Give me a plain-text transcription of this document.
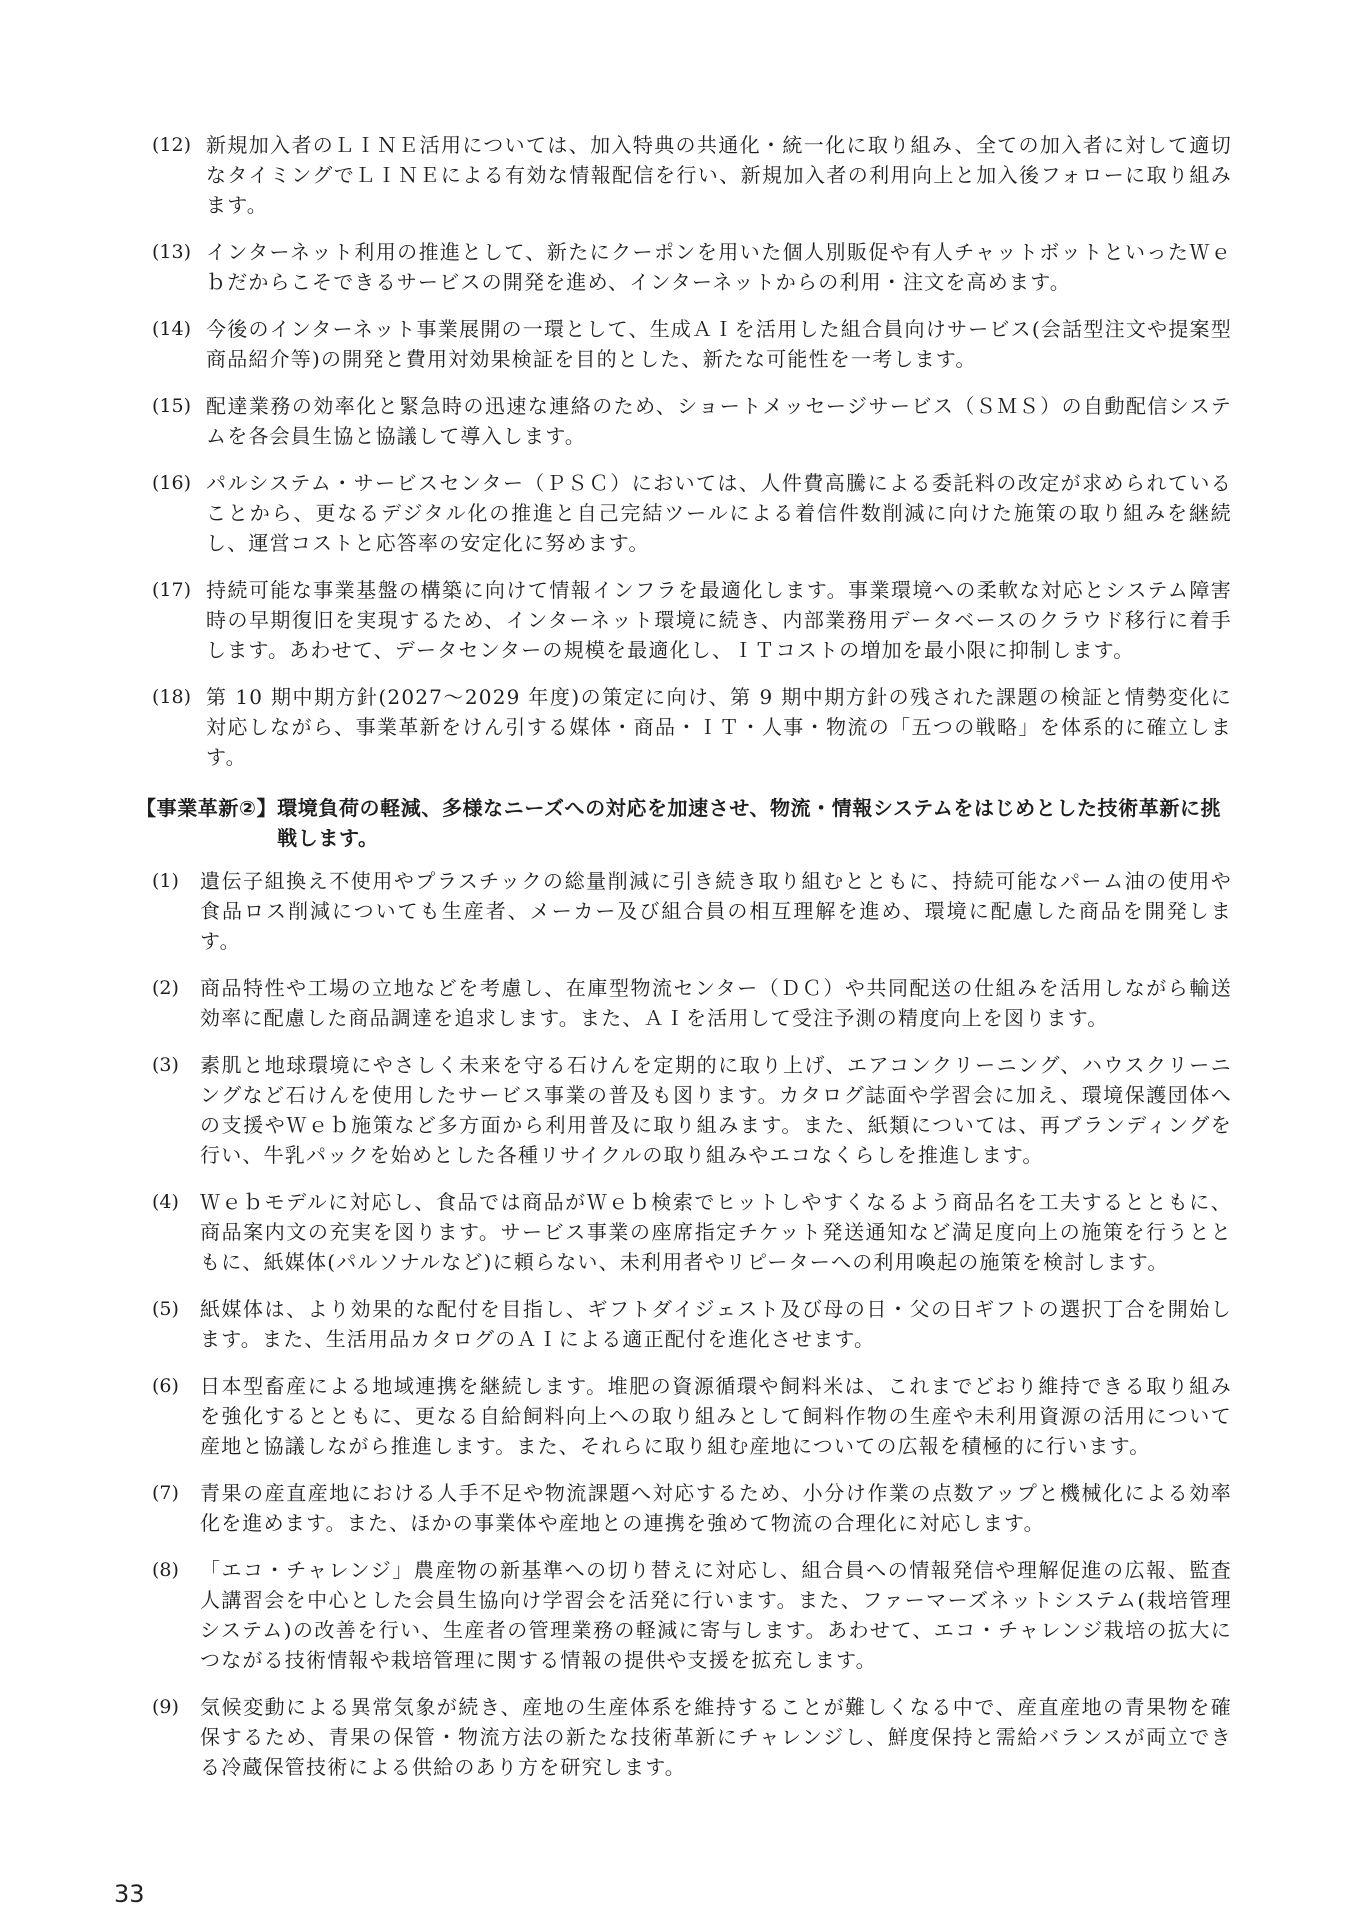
(12) 新規加入者のＬＩＮＥ活用については、加入特典の共通化・統一化に取り組み、全ての加入者に対して適切なタイミングでＬＩＮＥによる有効な情報配信を行い、新規加入者の利用向上と加入後フォローに取り組みます。
(13) インターネット利用の推進として、新たにクーポンを用いた個人別販促や有人チャットボットといったＷｅｂだからこそできるサービスの開発を進め、インターネットからの利用・注文を高めます。
(14) 今後のインターネット事業展開の一環として、生成ＡＩを活用した組合員向けサービス(会話型注文や提案型商品紹介等)の開発と費用対効果検証を目的とした、新たな可能性を一考します。
(15) 配達業務の効率化と緊急時の迅速な連絡のため、ショートメッセージサービス（ＳＭＳ）の自動配信システムを各会員生協と協議して導入します。
(16) パルシステム・サービスセンター（ＰＳＣ）においては、人件費高騰による委託料の改定が求められていることから、更なるデジタル化の推進と自己完結ツールによる着信件数削減に向けた施策の取り組みを継続し、運営コストと応答率の安定化に努めます。
(17) 持続可能な事業基盤の構築に向けて情報インフラを最適化します。事業環境への柔軟な対応とシステム障害時の早期復旧を実現するため、インターネット環境に続き、内部業務用データベースのクラウド移行に着手します。あわせて、データセンターの規模を最適化し、ＩＴコストの増加を最小限に抑制します。
(18) 第 10 期中期方針(2027〜2029 年度)の策定に向け、第 9 期中期方針の残された課題の検証と情勢変化に対応しながら、事業革新をけん引する媒体・商品・ＩＴ・人事・物流の「五つの戦略」を体系的に確立します。
【事業革新②】 環境負荷の軽減、多様なニーズへの対応を加速させ、物流・情報システムをはじめとした技術革新に挑戦します。
(1)	遺伝子組換え不使用やプラスチックの総量削減に引き続き取り組むとともに、持続可能なパーム油の使用や食品ロス削減についても生産者、メーカー及び組合員の相互理解を進め、環境に配慮した商品を開発します。
(2)	商品特性や工場の立地などを考慮し、在庫型物流センター（ＤＣ）や共同配送の仕組みを活用しながら輸送効率に配慮した商品調達を追求します。また、ＡＩを活用して受注予測の精度向上を図ります。
(3)	素肌と地球環境にやさしく未来を守る石けんを定期的に取り上げ、エアコンクリーニング、ハウスクリーニングなど石けんを使用したサービス事業の普及も図ります。カタログ誌面や学習会に加え、環境保護団体への支援やＷｅｂ施策など多方面から利用普及に取り組みます。また、紙類については、再ブランディングを行い、牛乳パックを始めとした各種リサイクルの取り組みやエコなくらしを推進します。
(4)	Ｗｅｂモデルに対応し、食品では商品がＷｅｂ検索でヒットしやすくなるよう商品名を工夫するとともに、商品案内文の充実を図ります。サービス事業の座席指定チケット発送通知など満足度向上の施策を行うとともに、紙媒体(パルソナルなど)に頼らない、未利用者やリピーターへの利用喚起の施策を検討します。
(5)	紙媒体は、より効果的な配付を目指し、ギフトダイジェスト及び母の日・父の日ギフトの選択丁合を開始します。また、生活用品カタログのＡＩによる適正配付を進化させます。
(6)	日本型畜産による地域連携を継続します。堆肥の資源循環や飼料米は、これまでどおり維持できる取り組みを強化するとともに、更なる自給飼料向上への取り組みとして飼料作物の生産や未利用資源の活用について産地と協議しながら推進します。また、それらに取り組む産地についての広報を積極的に行います。
(7)	青果の産直産地における人手不足や物流課題へ対応するため、小分け作業の点数アップと機械化による効率化を進めます。また、ほかの事業体や産地との連携を強めて物流の合理化に対応します。
(8)	「エコ・チャレンジ」農産物の新基準への切り替えに対応し、組合員への情報発信や理解促進の広報、監査人講習会を中心とした会員生協向け学習会を活発に行います。また、ファーマーズネットシステム(栽培管理システム)の改善を行い、生産者の管理業務の軽減に寄与します。あわせて、エコ・チャレンジ栽培の拡大につながる技術情報や栽培管理に関する情報の提供や支援を拡充します。
(9)	気候変動による異常気象が続き、産地の生産体系を維持することが難しくなる中で、産直産地の青果物を確保するため、青果の保管・物流方法の新たな技術革新にチャレンジし、鮮度保持と需給バランスが両立できる冷蔵保管技術による供給のあり方を研究します。
33
